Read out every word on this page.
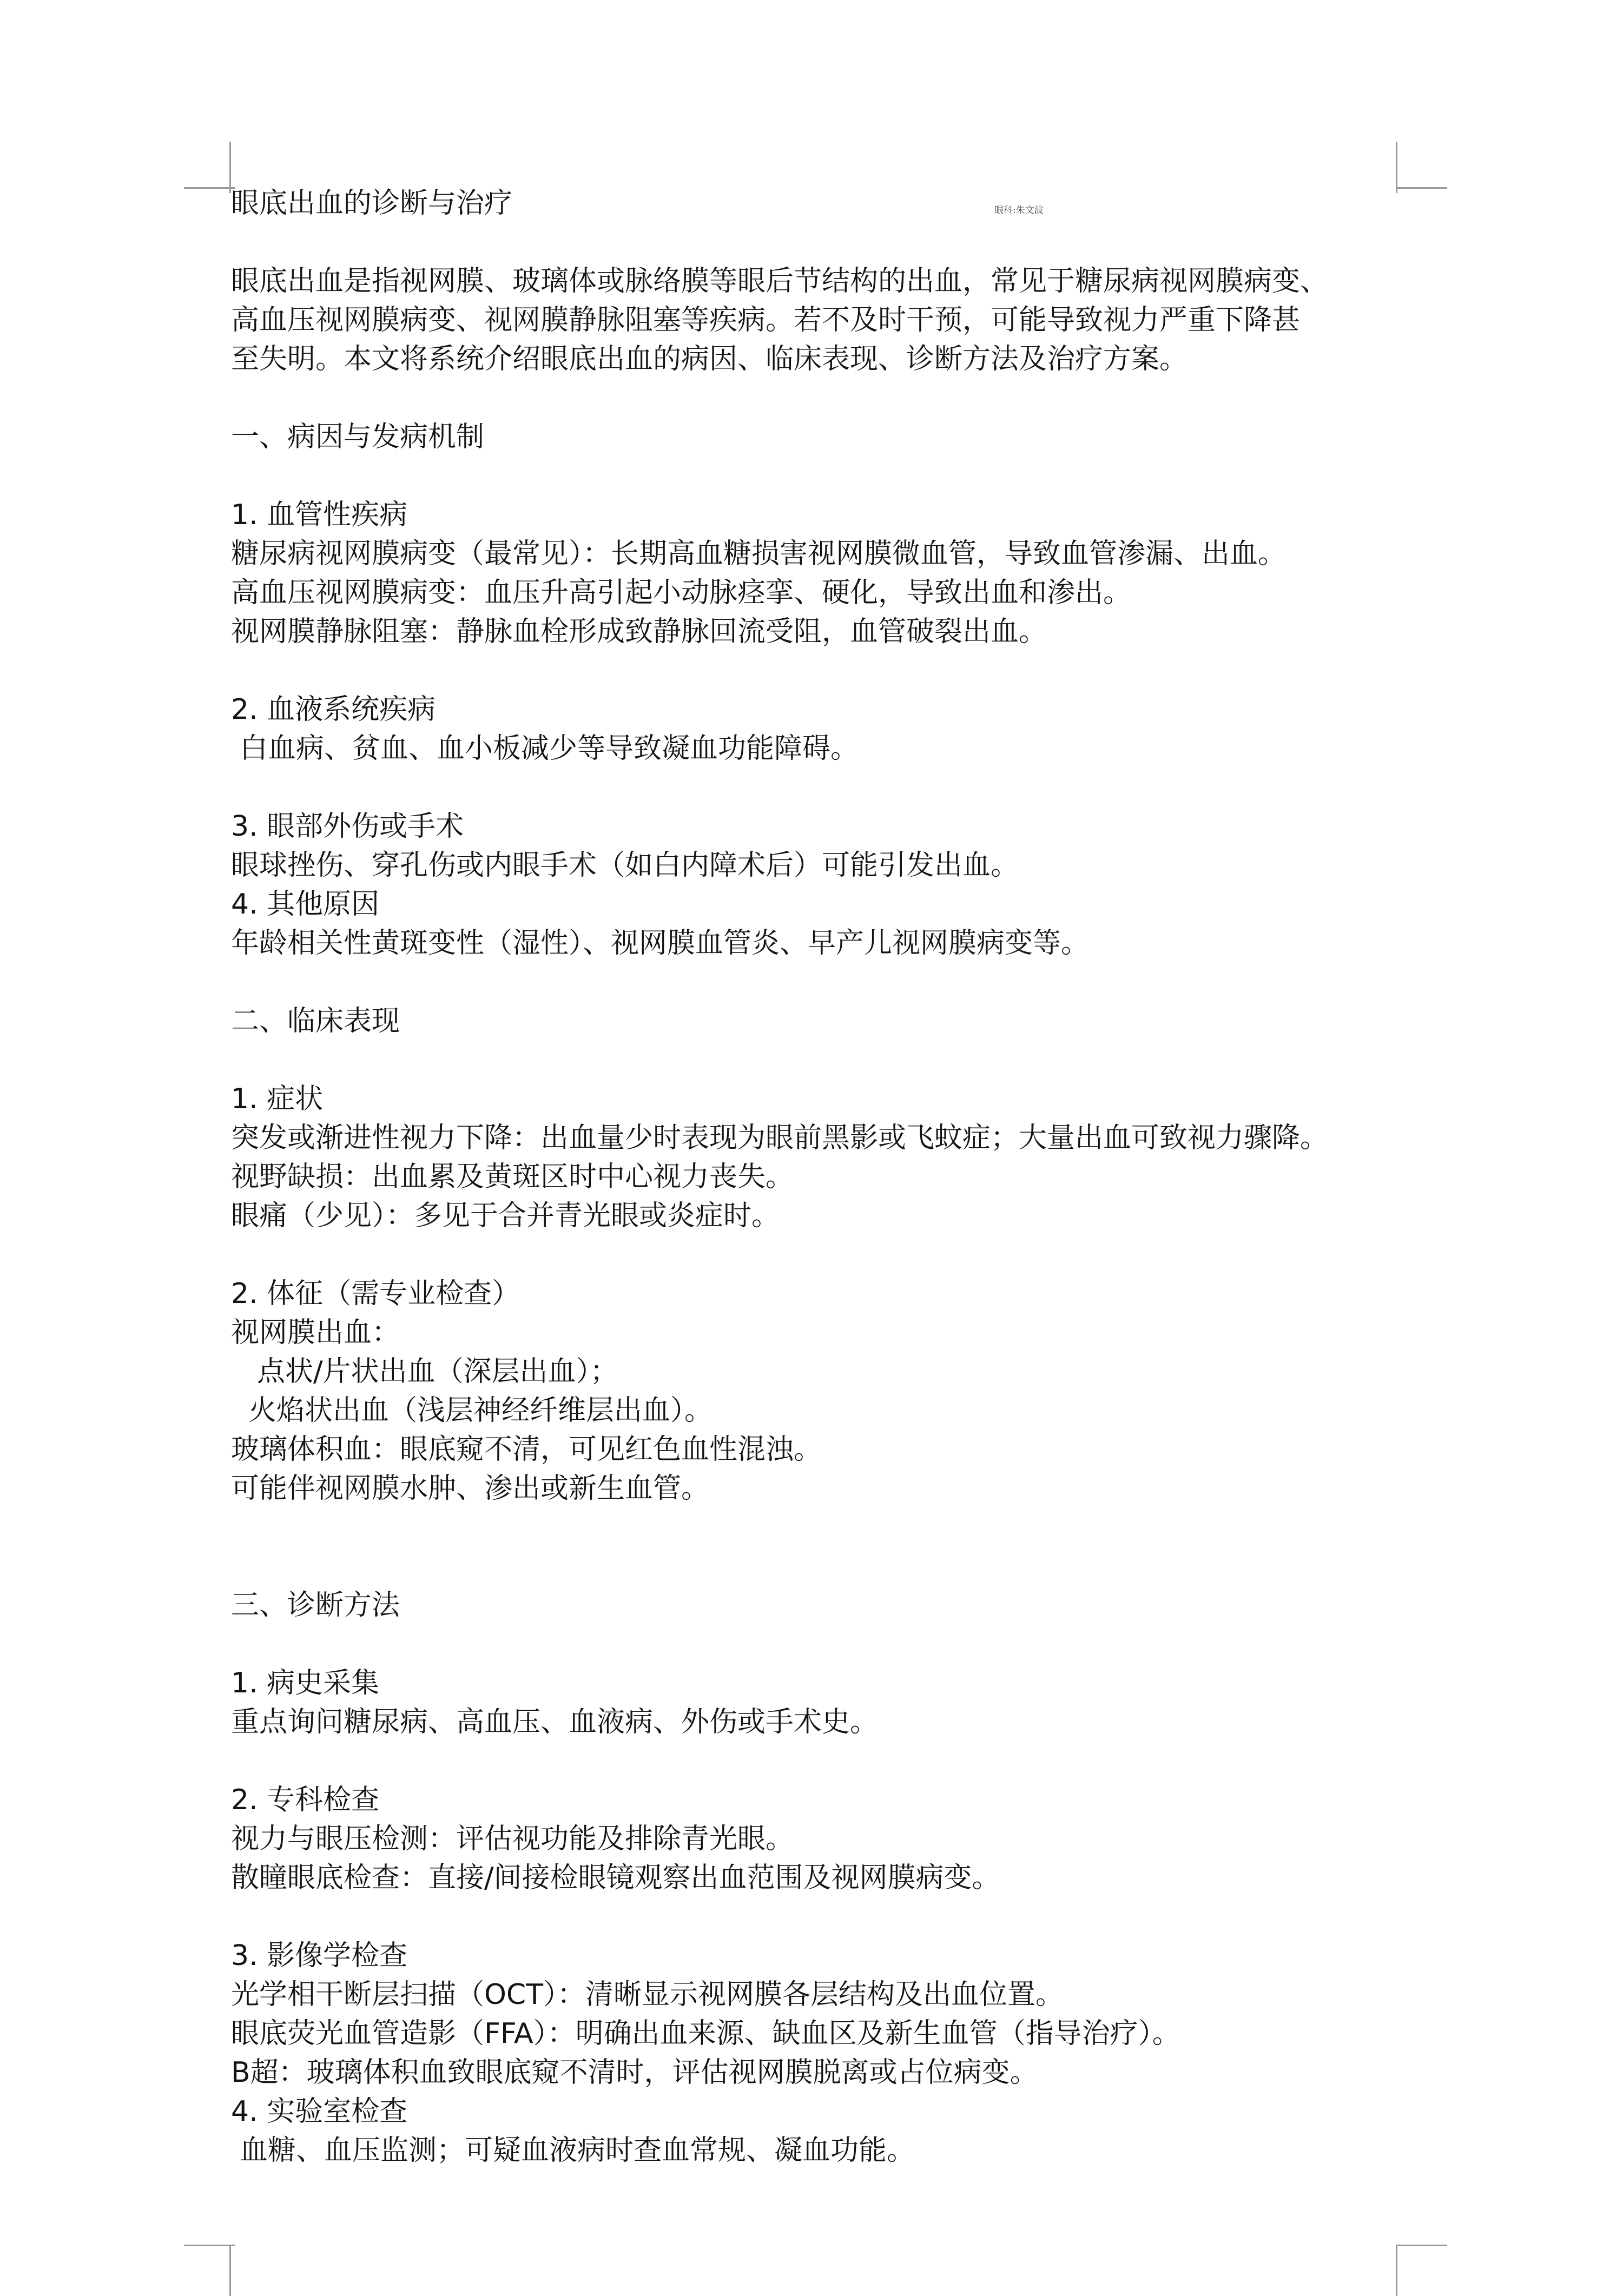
眼科:朱文波
眼底出血的诊断与治疗
眼底出血是指视网膜、玻璃体或脉络膜等眼后节结构的出血，常见于糖尿病视网膜病变、
高血压视网膜病变、视网膜静脉阻塞等疾病。若不及时干预，可能导致视力严重下降甚
至失明。本文将系统介绍眼底出血的病因、临床表现、诊断方法及治疗方案。
一、病因与发病机制
1. 血管性疾病
糖尿病视网膜病变（最常见）：长期高血糖损害视网膜微血管，导致血管渗漏、出血。
高血压视网膜病变：血压升高引起小动脉痉挛、硬化，导致出血和渗出。
视网膜静脉阻塞：静脉血栓形成致静脉回流受阻，血管破裂出血。
2. 血液系统疾病
白血病、贫血、血小板减少等导致凝血功能障碍。
3. 眼部外伤或手术
眼球挫伤、穿孔伤或内眼手术（如白内障术后）可能引发出血。
4. 其他原因
年龄相关性黄斑变性（湿性）、视网膜血管炎、早产儿视网膜病变等。
二、临床表现
1. 症状
突发或渐进性视力下降：出血量少时表现为眼前黑影或飞蚊症；大量出血可致视力骤降。
视野缺损：出血累及黄斑区时中心视力丧失。
眼痛（少见）：多见于合并青光眼或炎症时。
2. 体征（需专业检查）
视网膜出血：
点状/片状出血（深层出血）；
火焰状出血（浅层神经纤维层出血）。
玻璃体积血：眼底窥不清，可见红色血性混浊。
可能伴视网膜水肿、渗出或新生血管。
三、诊断方法
1. 病史采集
重点询问糖尿病、高血压、血液病、外伤或手术史。
2. 专科检查
视力与眼压检测：评估视功能及排除青光眼。
散瞳眼底检查：直接/间接检眼镜观察出血范围及视网膜病变。
3. 影像学检查
光学相干断层扫描（OCT）：清晰显示视网膜各层结构及出血位置。
眼底荧光血管造影（FFA）：明确出血来源、缺血区及新生血管（指导治疗）。
B超：玻璃体积血致眼底窥不清时，评估视网膜脱离或占位病变。
4. 实验室检查
血糖、血压监测；可疑血液病时查血常规、凝血功能。
